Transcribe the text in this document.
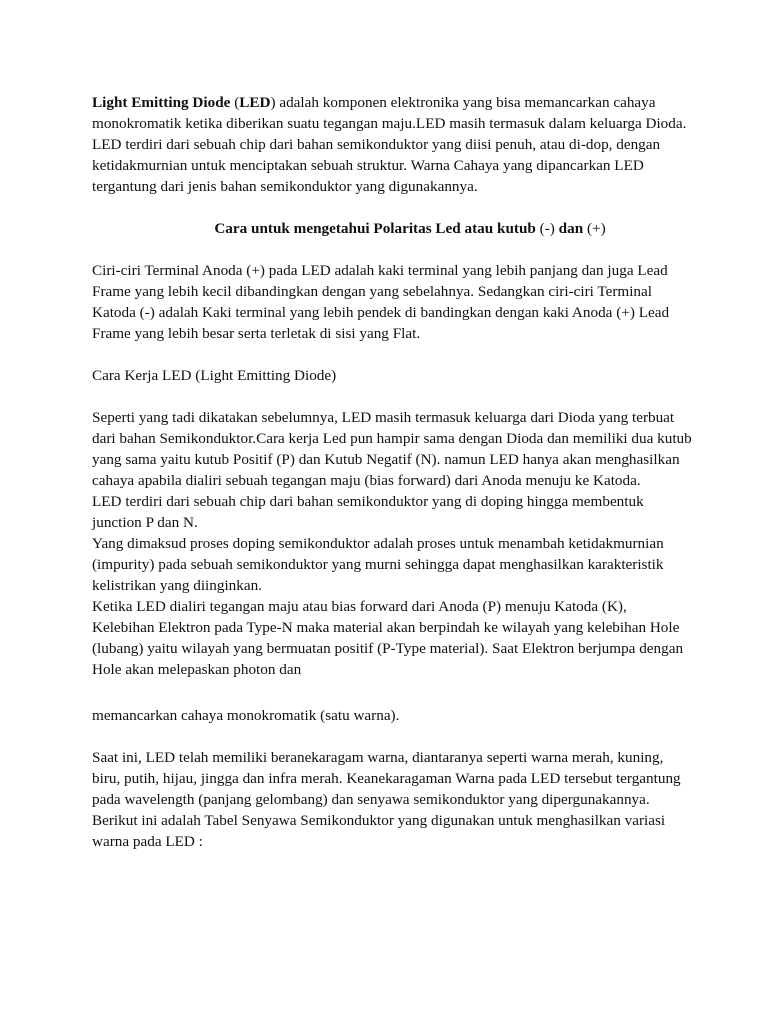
Light Emitting Diode (LED) adalah komponen elektronika yang bisa memancarkan cahaya monokromatik ketika diberikan suatu tegangan maju.LED masih termasuk dalam keluarga Dioda. LED terdiri dari sebuah chip dari bahan semikonduktor yang diisi penuh, atau di-dop, dengan ketidakmurnian untuk menciptakan sebuah struktur. Warna Cahaya yang dipancarkan LED tergantung dari jenis bahan semikonduktor yang digunakannya.

Cara untuk mengetahui Polaritas Led atau kutub (-) dan (+)

Ciri-ciri Terminal Anoda (+) pada LED adalah kaki terminal yang lebih panjang dan juga Lead Frame yang lebih kecil dibandingkan dengan yang sebelahnya. Sedangkan ciri-ciri Terminal Katoda (-) adalah Kaki terminal yang lebih pendek di bandingkan dengan kaki Anoda (+) Lead Frame yang lebih besar serta terletak di sisi yang Flat.

Cara Kerja LED (Light Emitting Diode)

Seperti yang tadi dikatakan sebelumnya, LED masih termasuk keluarga dari Dioda yang terbuat dari bahan Semikonduktor.Cara kerja Led pun hampir sama dengan Dioda dan memiliki dua kutub yang sama yaitu kutub Positif (P) dan Kutub Negatif (N). namun LED hanya akan menghasilkan cahaya apabila dialiri sebuah tegangan maju (bias forward) dari Anoda menuju ke Katoda.

LED terdiri dari sebuah chip dari bahan semikonduktor yang di doping hingga membentuk junction P dan N.

Yang dimaksud proses doping semikonduktor adalah proses untuk menambah ketidakmurnian (impurity) pada sebuah semikonduktor yang murni sehingga dapat menghasilkan karakteristik kelistrikan yang diinginkan.

Ketika LED dialiri tegangan maju atau bias forward dari Anoda (P) menuju Katoda (K), Kelebihan Elektron pada Type-N maka material akan berpindah ke wilayah yang kelebihan Hole (lubang) yaitu wilayah yang bermuatan positif (P-Type material). Saat Elektron berjumpa dengan Hole akan melepaskan photon dan

memancarkan cahaya monokromatik (satu warna).

Saat ini, LED telah memiliki beranekaragam warna, diantaranya seperti warna merah, kuning, biru, putih, hijau, jingga dan infra merah. Keanekaragaman Warna pada LED tersebut tergantung pada wavelength (panjang gelombang) dan senyawa semikonduktor yang dipergunakannya. Berikut ini adalah Tabel Senyawa Semikonduktor yang digunakan untuk menghasilkan variasi warna pada LED :
